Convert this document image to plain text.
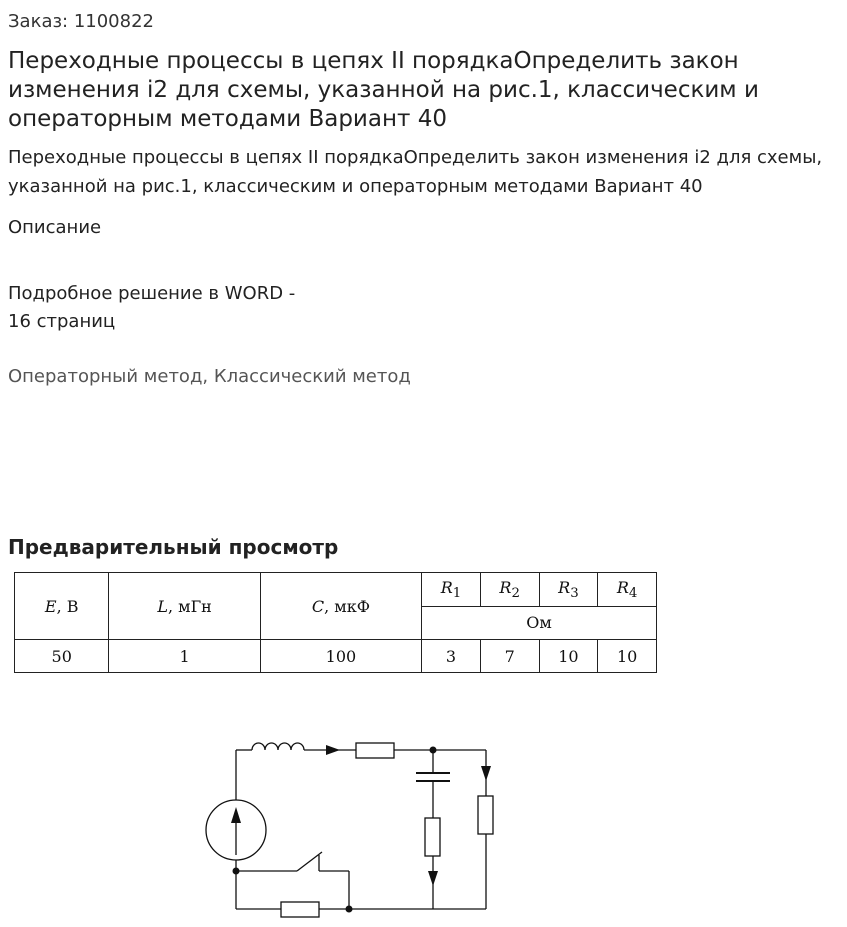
Заказ: 1100822
Переходные процессы в цепях II порядкаОпределить закон изменения i2 для схемы, указанной на рис.1, классическим и операторным методами Вариант 40
Переходные процессы в цепях II порядкаОпределить закон изменения i2 для схемы, указанной на рис.1, классическим и операторным методами Вариант 40
Описание
Подробное решение в WORD -
16 страниц
Операторный метод, Классический метод
Предварительный просмотр
E, В	L, мГн	C, мкФ	$R_1$	$R_2$	$R_3$	$R_4$
			Ом			
50	1	100	3	7	10	10
